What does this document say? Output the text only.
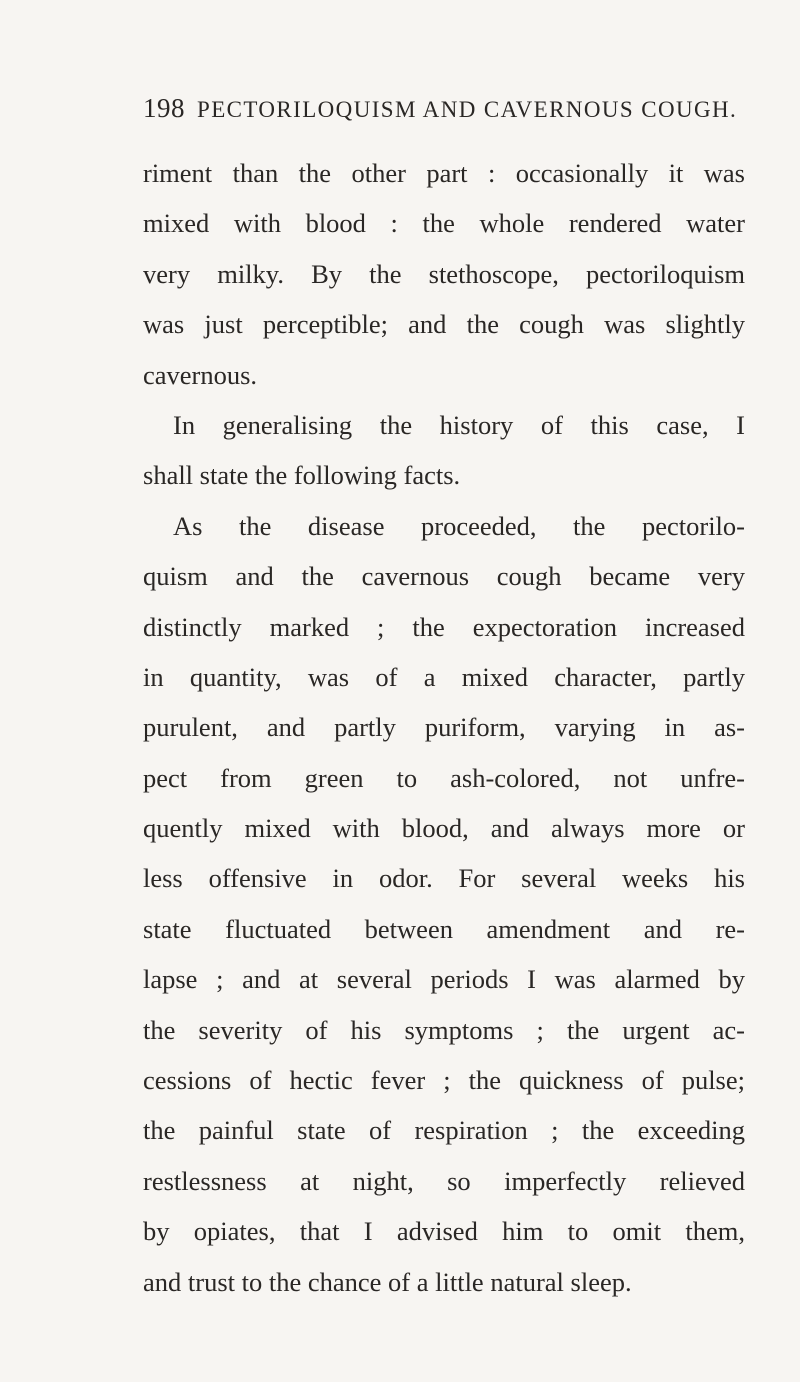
198 PECTORILOQUISM AND CAVERNOUS COUGH.
riment than the other part : occasionally it was
mixed with blood : the whole rendered water
very milky. By the stethoscope, pectoriloquism
was just perceptible; and the cough was slightly
cavernous.
In generalising the history of this case, I
shall state the following facts.
As the disease proceeded, the pectorilo-
quism and the cavernous cough became very
distinctly marked ; the expectoration increased
in quantity, was of a mixed character, partly
purulent, and partly puriform, varying in as-
pect from green to ash-colored, not unfre-
quently mixed with blood, and always more or
less offensive in odor. For several weeks his
state fluctuated between amendment and re-
lapse ; and at several periods I was alarmed by
the severity of his symptoms ; the urgent ac-
cessions of hectic fever ; the quickness of pulse;
the painful state of respiration ; the exceeding
restlessness at night, so imperfectly relieved
by opiates, that I advised him to omit them,
and trust to the chance of a little natural sleep.
